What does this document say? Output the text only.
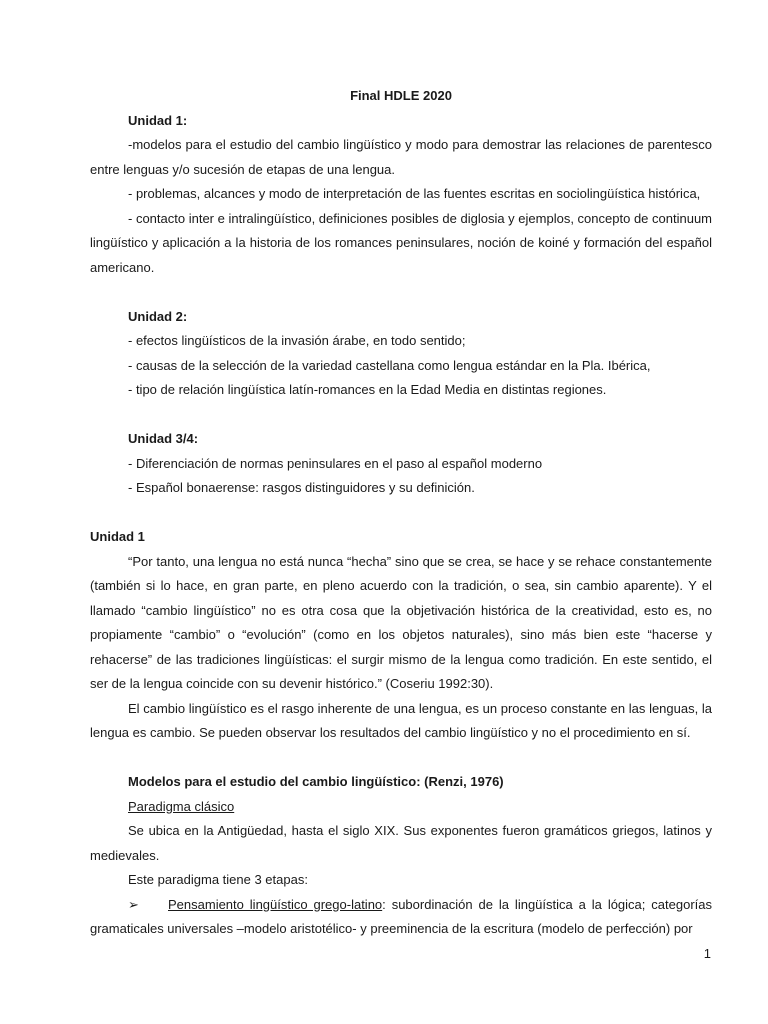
Final HDLE 2020

Unidad 1:

-modelos para el estudio del cambio lingüístico y modo para demostrar las relaciones de parentesco entre lenguas y/o sucesión de etapas de una lengua.

- problemas, alcances y modo de interpretación de las fuentes escritas en sociolingüística histórica,

- contacto inter e intralingüístico, definiciones posibles de diglosia y ejemplos, concepto de continuum lingüístico y aplicación a la historia de los romances peninsulares, noción de koiné y formación del español americano.

Unidad 2:

- efectos lingüísticos de la invasión árabe, en todo sentido;

- causas de la selección de la variedad castellana como lengua estándar en la Pla. Ibérica,

- tipo de relación lingüística latín-romances en la Edad Media en distintas regiones.

Unidad 3/4:

- Diferenciación de normas peninsulares en el paso al español moderno

- Español bonaerense: rasgos distinguidores y su definición.

Unidad 1

“Por tanto, una lengua no está nunca “hecha” sino que se crea, se hace y se rehace constantemente (también si lo hace, en gran parte, en pleno acuerdo con la tradición, o sea, sin cambio aparente). Y el llamado “cambio lingüístico” no es otra cosa que la objetivación histórica de la creatividad, esto es, no propiamente “cambio” o “evolución” (como en los objetos naturales), sino más bien este “hacerse y rehacerse” de las tradiciones lingüísticas: el surgir mismo de la lengua como tradición. En este sentido, el ser de la lengua coincide con su devenir histórico.” (Coseriu 1992:30).

El cambio lingüístico es el rasgo inherente de una lengua, es un proceso constante en las lenguas, la lengua es cambio. Se pueden observar los resultados del cambio lingüístico y no el procedimiento en sí.

Modelos para el estudio del cambio lingüístico: (Renzi, 1976)

Paradigma clásico

Se ubica en la Antigüedad, hasta el siglo XIX. Sus exponentes fueron gramáticos griegos, latinos y medievales.

Este paradigma tiene 3 etapas:

➢ Pensamiento lingüístico grego-latino: subordinación de la lingüística a la lógica; categorías gramaticales universales –modelo aristotélico- y preeminencia de la escritura (modelo de perfección) por

1
